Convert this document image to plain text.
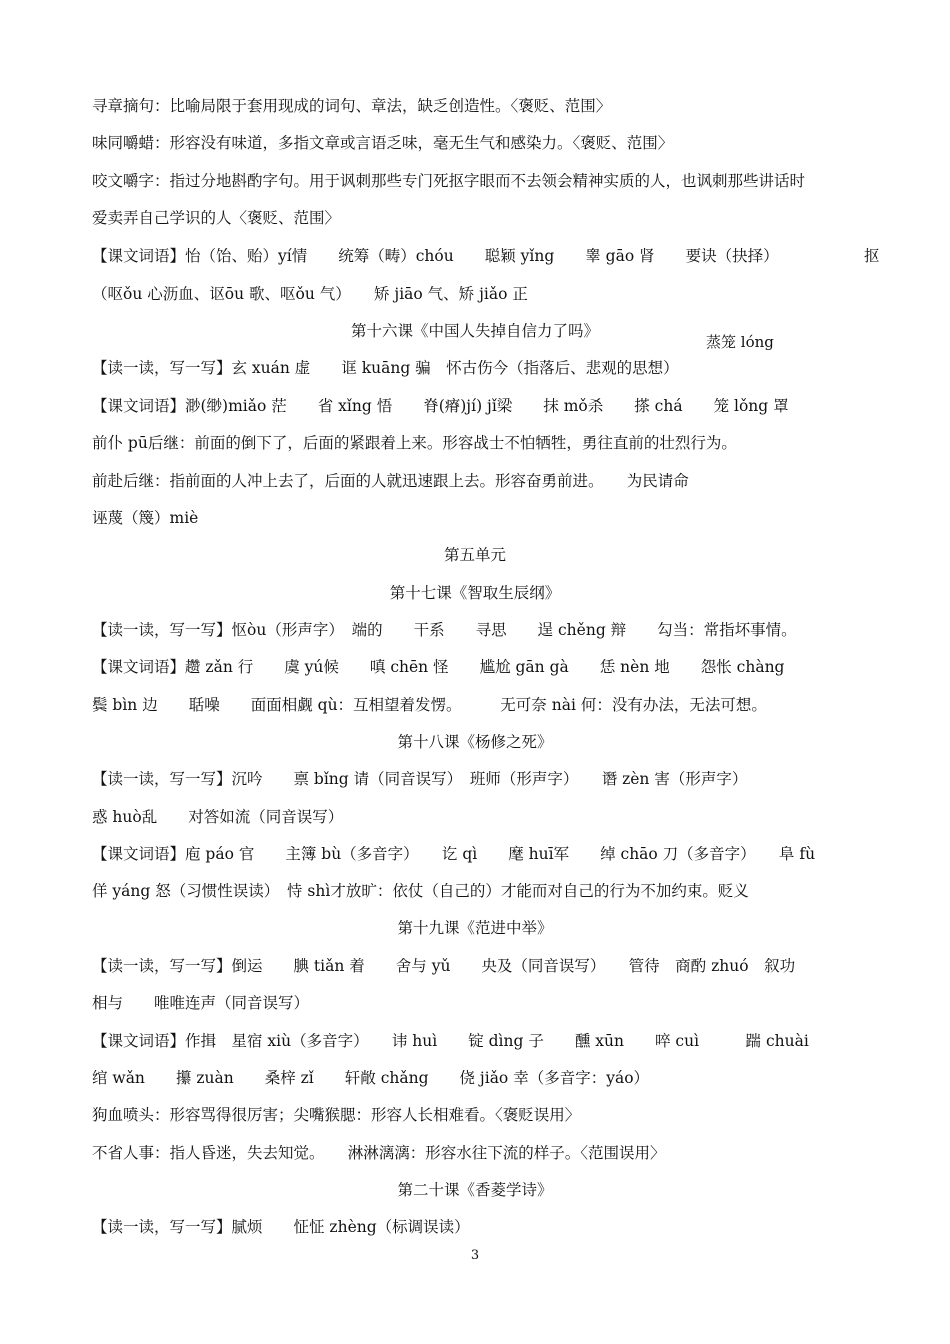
寻章摘句：比喻局限于套用现成的词句、章法，缺乏创造性。〈褒贬、范围〉
味同嚼蜡：形容没有味道，多指文章或言语乏味，毫无生气和感染力。〈褒贬、范围〉
咬文嚼字：指过分地斟酌字句。用于讽刺那些专门死抠字眼而不去领会精神实质的人，也讽刺那些讲话时
爱卖弄自己学识的人〈褒贬、范围〉
【课文词语】怡（饴、贻）yí情　　统筹（畴）chóu　　聪颖 yǐng　　睾 gāo 肾　　要诀（抉择）　　　　　　抠
（呕ǒu 心沥血、讴ōu 歌、呕ǒu 气）　　矫 jiāo 气、矫 jiǎo 正
第十六课《中国人失掉自信力了吗》
蒸笼 lóng
【读一读，写一写】玄 xuán 虚　　诓 kuāng 骗　怀古伤今（指落后、悲观的思想）
【课文词语】渺(缈)miǎo 茫　　省 xǐng 悟　　脊(瘠)jí) jǐ梁　　抹 mǒ杀　　搽 chá　　笼 lǒng 罩
前仆 pū后继：前面的倒下了，后面的紧跟着上来。形容战士不怕牺牲，勇往直前的壮烈行为。
前赴后继：指前面的人冲上去了，后面的人就迅速跟上去。形容奋勇前进。　　为民请命
诬蔑（篾）miè
第五单元
第十七课《智取生辰纲》
【读一读，写一写】怄òu（形声字）　端的　　干系　　寻思　　逞 chěng 辩　　勾当：常指坏事情。
【课文词语】趱 zǎn 行　　虞 yú候　　嗔 chēn 怪　　尴尬 gān gà　　恁 nèn 地　　怨怅 chàng
鬓 bìn 边　　聒噪　　面面相觑 qù：互相望着发愣。　　　无可奈 nài 何：没有办法，无法可想。
第十八课《杨修之死》
【读一读，写一写】沉吟　　禀 bǐng 请（同音误写）　班师（形声字）　　谮 zèn 害（形声字）
惑 huò乱　　对答如流（同音误写）
【课文词语】庖 páo 官　　主簿 bù（多音字）　　讫 qì　　麾 huī军　　绰 chāo 刀（多音字）　　阜 fù
佯 yáng 怒（习惯性误读）　恃 shì才放旷：依仗（自己的）才能而对自己的行为不加约束。贬义
第十九课《范进中举》
【读一读，写一写】倒运　　腆 tiǎn 着　　舍与 yǔ　　央及（同音误写）　　管待　商酌 zhuó　叙功
相与　　唯唯连声（同音误写）
【课文词语】作揖　星宿 xiù（多音字）　　讳 huì　　锭 dìng 子　　醺 xūn　　啐 cuì　　　踹 chuài
绾 wǎn　　攥 zuàn　　桑梓 zǐ　　轩敞 chǎng　　侥 jiǎo 幸（多音字：yáo）
狗血喷头：形容骂得很厉害；尖嘴猴腮：形容人长相难看。〈褒贬误用〉
不省人事：指人昏迷，失去知觉。　　淋淋漓漓：形容水往下流的样子。〈范围误用〉
第二十课《香菱学诗》
【读一读，写一写】腻烦　　怔怔 zhèng（标调误读）
3
